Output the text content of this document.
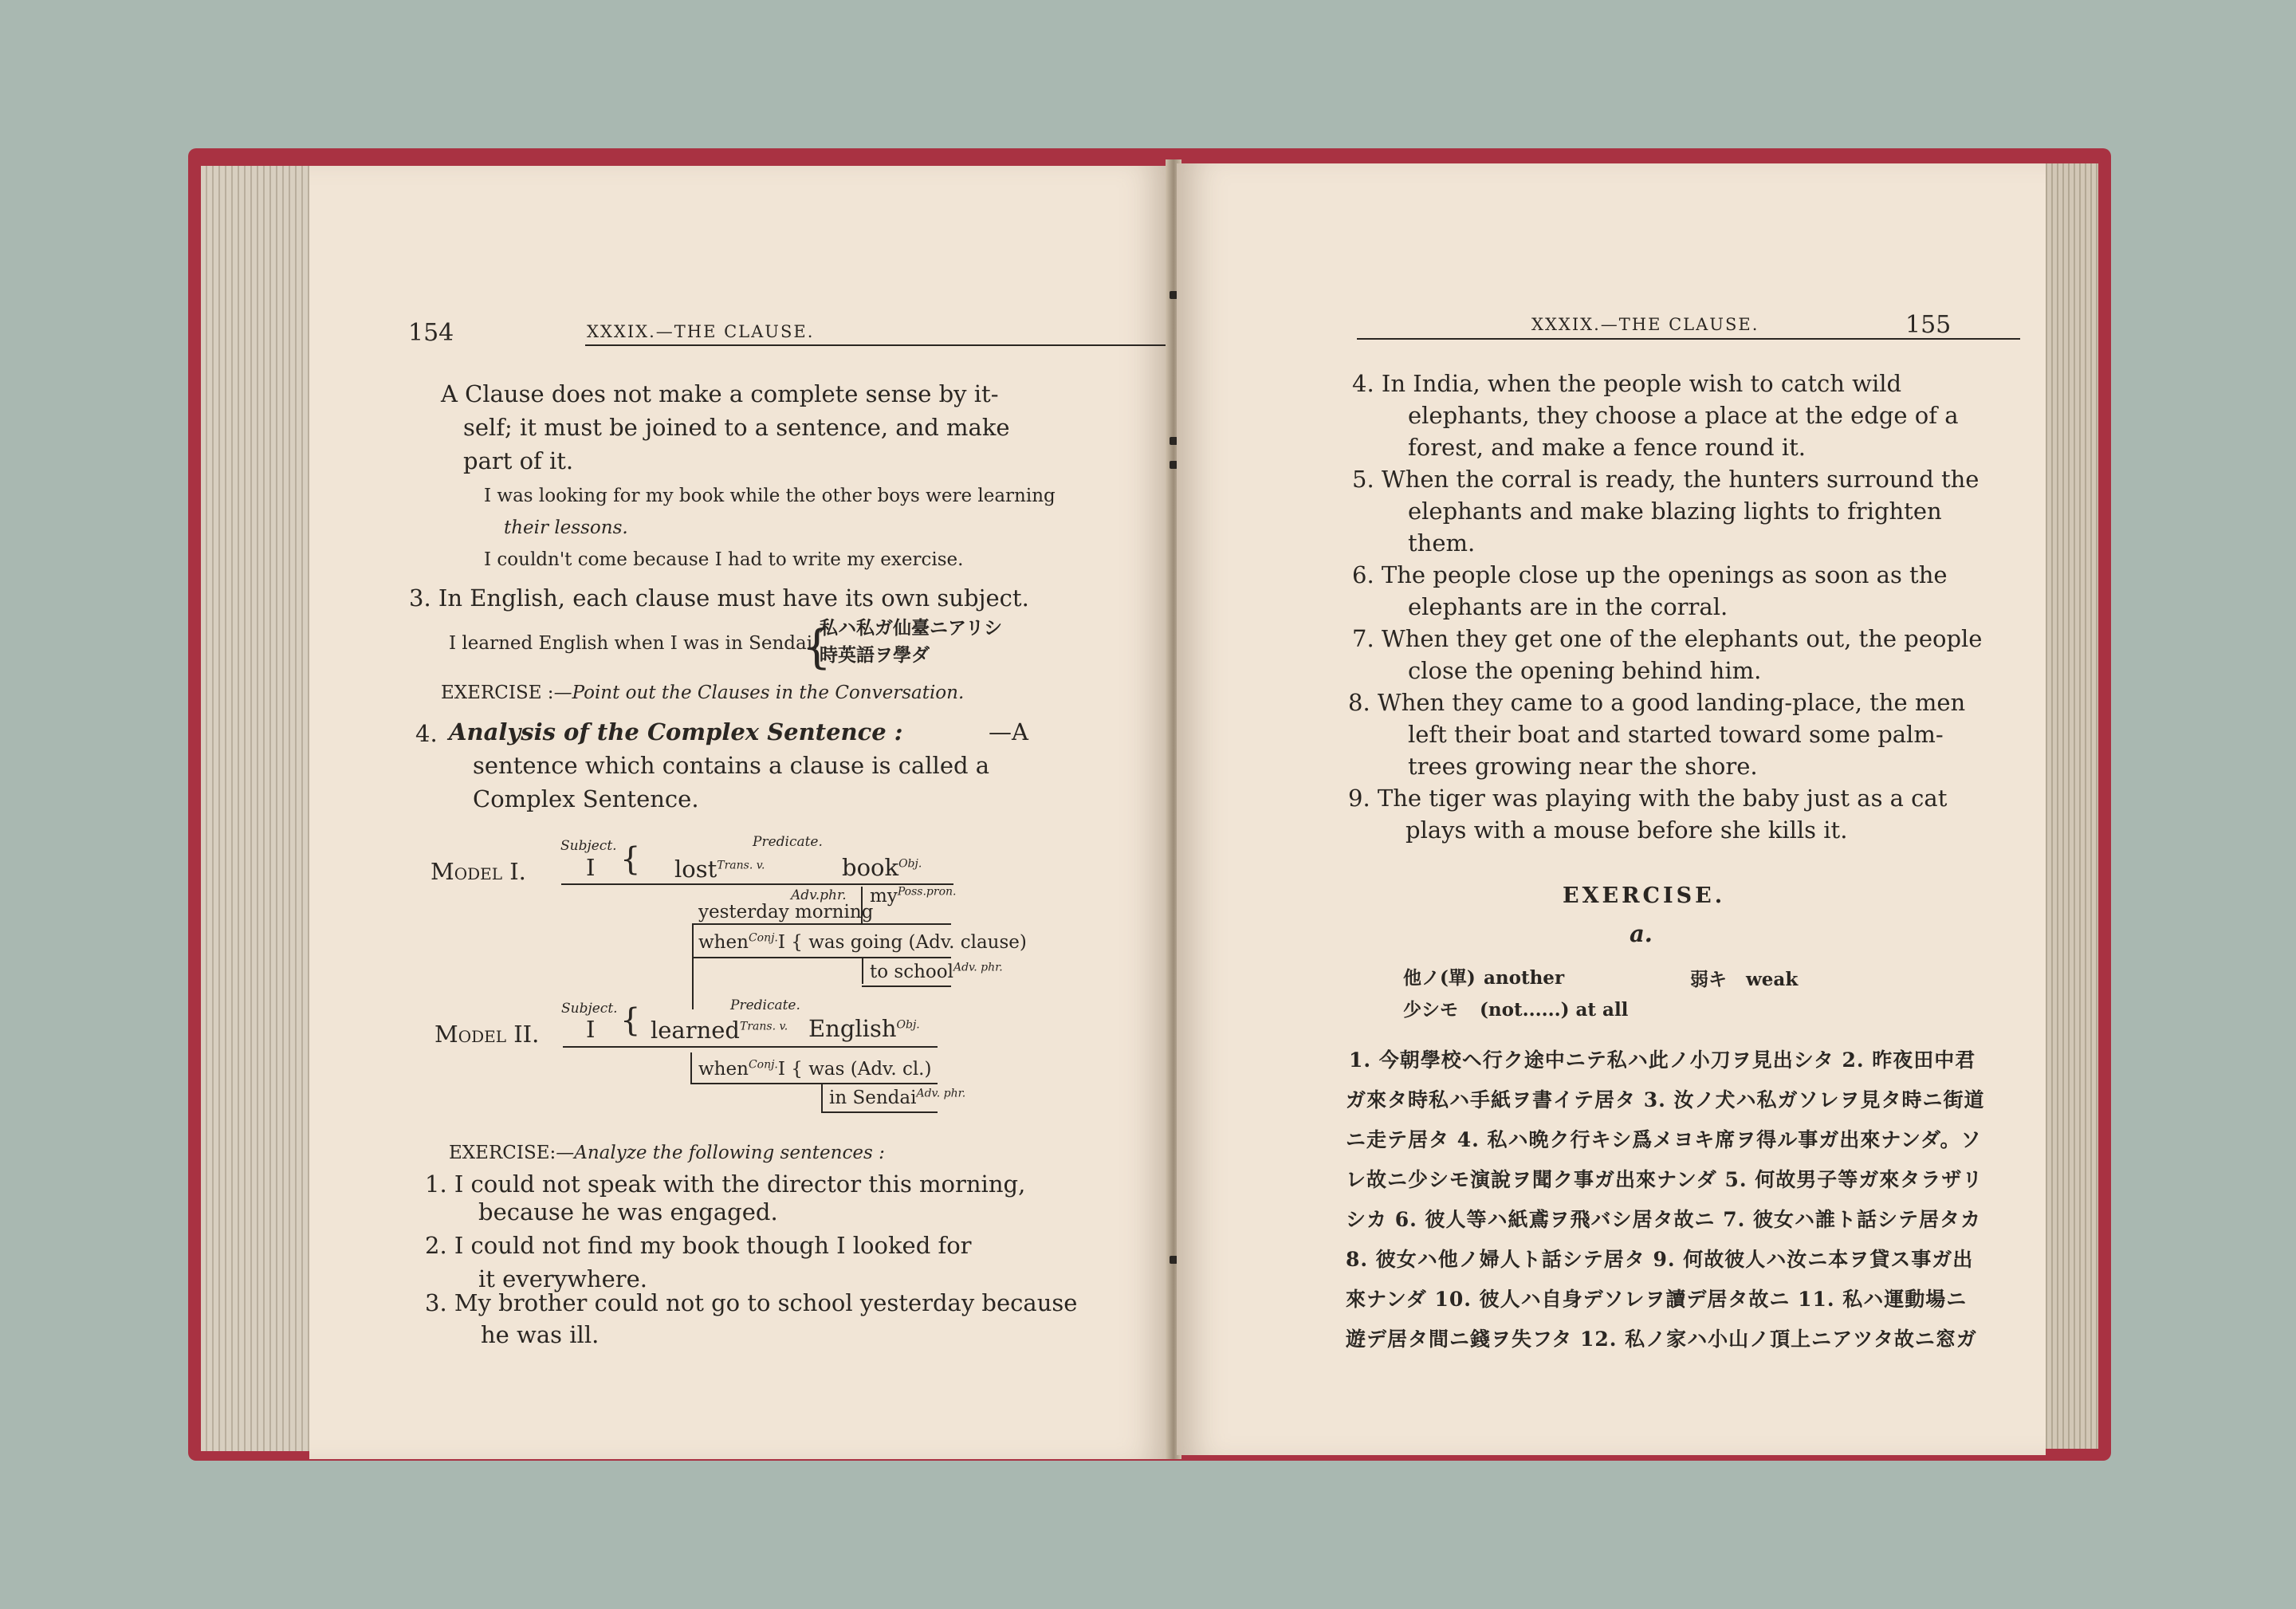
154	XXXIX.—THE CLAUSE.
A Clause does not make a complete sense by it-
self; it must be joined to a sentence, and make
part of it.
I was looking for my book while the other boys were learning
their lessons.
I couldn't come because I had to write my exercise.
3. In English, each clause must have its own subject.
I learned English when I was in Sendai.
{
私ハ私ガ仙臺ニアリシ
時英語ヲ學ダ
EXERCISE :—Point out the Clauses in the Conversation.
4. Analysis of the Complex Sentence :	—A
sentence which contains a clause is called a
Complex Sentence.
Model I.
Subject.	Predicate.
I { lost$^{Trans. v.}$	book$^{Obj.}$
Adv.phr.
yesterday morning
$my^{Poss.pron.}$
when$^{Conj.}$I { was going (Adv. clause)
to school$^{Adv. phr.}$
Model II.
Subject.	Predicate.
I { learned$^{Trans. v.}$ English$^{Obj.}$
when$^{Conj.}$I { was (Adv. cl.)
in Sendai$^{Adv. phr.}$
EXERCISE:—Analyze the following sentences :
1. I could not speak with the director this morning,
because he was engaged.
2. I could not find my book though I looked for
it everywhere.
3. My brother could not go to school yesterday because
he was ill.
XXXIX.—THE CLAUSE.	155
4. In India, when the people wish to catch wild
elephants, they choose a place at the edge of a
forest, and make a fence round it.
5. When the corral is ready, the hunters surround the
elephants and make blazing lights to frighten
them.
6. The people close up the openings as soon as the
elephants are in the corral.
7. When they get one of the elephants out, the people
close the opening behind him.
8. When they came to a good landing-place, the men
left their boat and started toward some palm-
trees growing near the shore.
9. The tiger was playing with the baby just as a cat
plays with a mouse before she kills it.
EXERCISE.
a.
他ノ(單) another	弱キ weak
少シモ (not......) at all
1. 今朝學校ヘ行ク途中ニテ私ハ此ノ小刀ヲ見出シタ 2. 昨夜田中君
ガ來タ時私ハ手紙ヲ書イテ居タ 3. 汝ノ犬ハ私ガソレヲ見タ時ニ街道
ニ走テ居タ 4. 私ハ晩ク行キシ爲メヨキ席ヲ得ル事ガ出來ナンダ。ソ
レ故ニ少シモ演說ヲ聞ク事ガ出來ナンダ 5. 何故男子等ガ來タラザリ
シカ 6. 彼人等ハ紙鳶ヲ飛バシ居タ故ニ 7. 彼女ハ誰ト話シテ居タカ
8. 彼女ハ他ノ婦人ト話シテ居タ 9. 何故彼人ハ汝ニ本ヲ貸ス事ガ出
來ナンダ 10. 彼人ハ自身デソレヲ讀デ居タ故ニ 11. 私ハ運動場ニ
遊デ居タ間ニ錢ヲ失フタ 12. 私ノ家ハ小山ノ頂上ニアツタ故ニ窓ガ
